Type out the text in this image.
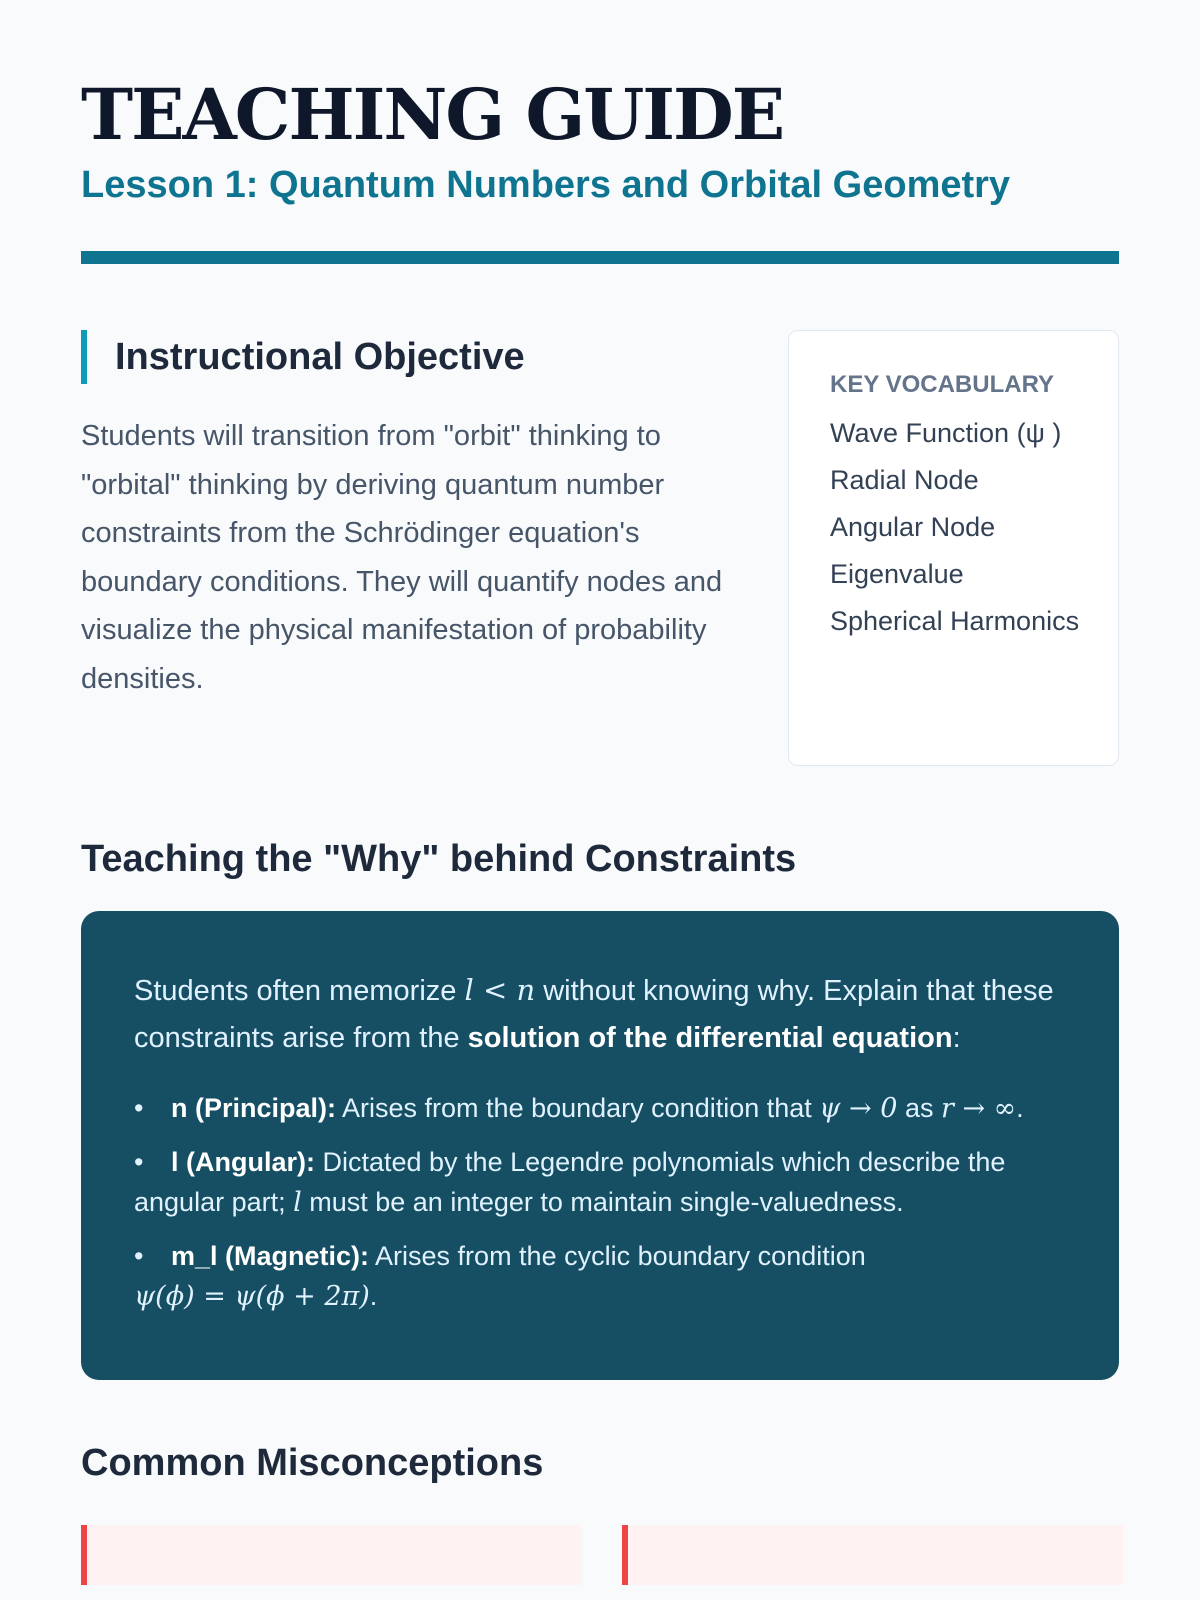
TEACHING GUIDE
Lesson 1: Quantum Numbers and Orbital Geometry
Instructional Objective

Students will transition from "orbit" thinking to "orbital" thinking by deriving quantum number constraints from the Schrödinger equation's boundary conditions. They will quantify nodes and visualize the physical manifestation of probability densities.

KEY VOCABULARY
Wave Function (ψ )
Radial Node
Angular Node
Eigenvalue
Spherical Harmonics
Teaching the "Why" behind Constraints

Students often memorize l < n without knowing why. Explain that these constraints arise from the solution of the differential equation:

• n (Principal): Arises from the boundary condition that ψ → 0 as r → ∞.
• l (Angular): Dictated by the Legendre polynomials which describe the angular part; l must be an integer to maintain single-valuedness.
• m_l (Magnetic): Arises from the cyclic boundary condition
ψ(ϕ) = ψ(ϕ + 2π).
Common Misconceptions
